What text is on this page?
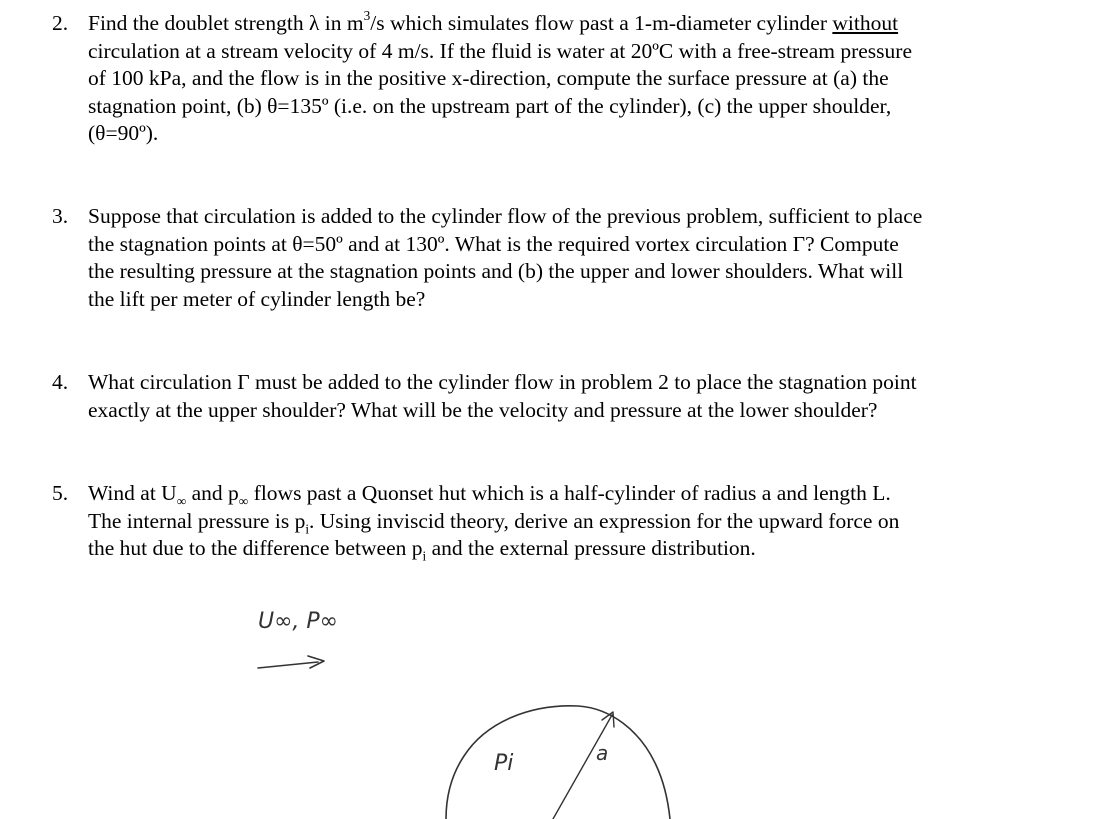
2. Find the doublet strength λ in $m^3/s$ which simulates flow past a 1-m-diameter cylinder without
circulation at a stream velocity of 4 m/s. If the fluid is water at 20ºC with a free-stream pressure
of 100 kPa, and the flow is in the positive x-direction, compute the surface pressure at (a) the
stagnation point, (b) θ=135º (i.e. on the upstream part of the cylinder), (c) the upper shoulder,
(θ=90º).
3. Suppose that circulation is added to the cylinder flow of the previous problem, sufficient to place
the stagnation points at θ=50º and at 130º. What is the required vortex circulation Γ? Compute
the resulting pressure at the stagnation points and (b) the upper and lower shoulders. What will
the lift per meter of cylinder length be?
4. What circulation Γ must be added to the cylinder flow in problem 2 to place the stagnation point
exactly at the upper shoulder? What will be the velocity and pressure at the lower shoulder?
5. Wind at $U_\infty$ and $p_\infty$ flows past a Quonset hut which is a half-cylinder of radius a and length L.
The internal pressure is $p_i$. Using inviscid theory, derive an expression for the upward force on
the hut due to the difference between $p_i$ and the external pressure distribution.
U∞, P∞
Pi	a
